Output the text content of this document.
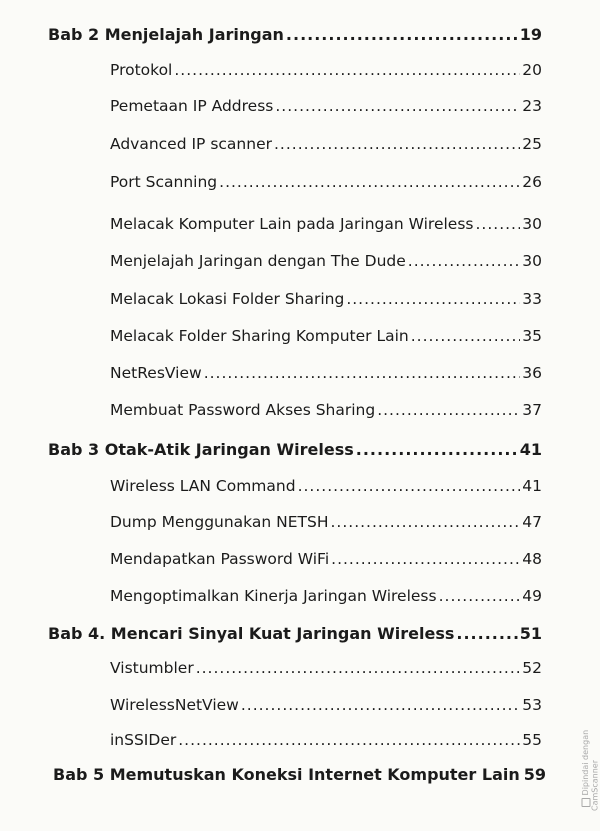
Bab 2 Menjelajah Jaringan .....	19
Protokol .....	20
Pemetaan IP Address .....	23
Advanced IP scanner .....	25
Port Scanning .....	26
Melacak Komputer Lain pada Jaringan Wireless .....	30
Menjelajah Jaringan dengan The Dude .....	30
Melacak Lokasi Folder Sharing .....	33
Melacak Folder Sharing Komputer Lain .....	35
NetResView .....	36
Membuat Password Akses Sharing .....	37
Bab 3 Otak-Atik Jaringan Wireless .....	41
Wireless LAN Command .....	41
Dump Menggunakan NETSH .....	47
Mendapatkan Password WiFi .....	48
Mengoptimalkan Kinerja Jaringan Wireless .....	49
Bab 4. Mencari Sinyal Kuat Jaringan Wireless .....	51
Vistumbler .....	52
WirelessNetView .....	53
inSSIDer .....	55
Bab 5 Memutuskan Koneksi Internet Komputer Lain 59	Dipindai dengan CamScanner
